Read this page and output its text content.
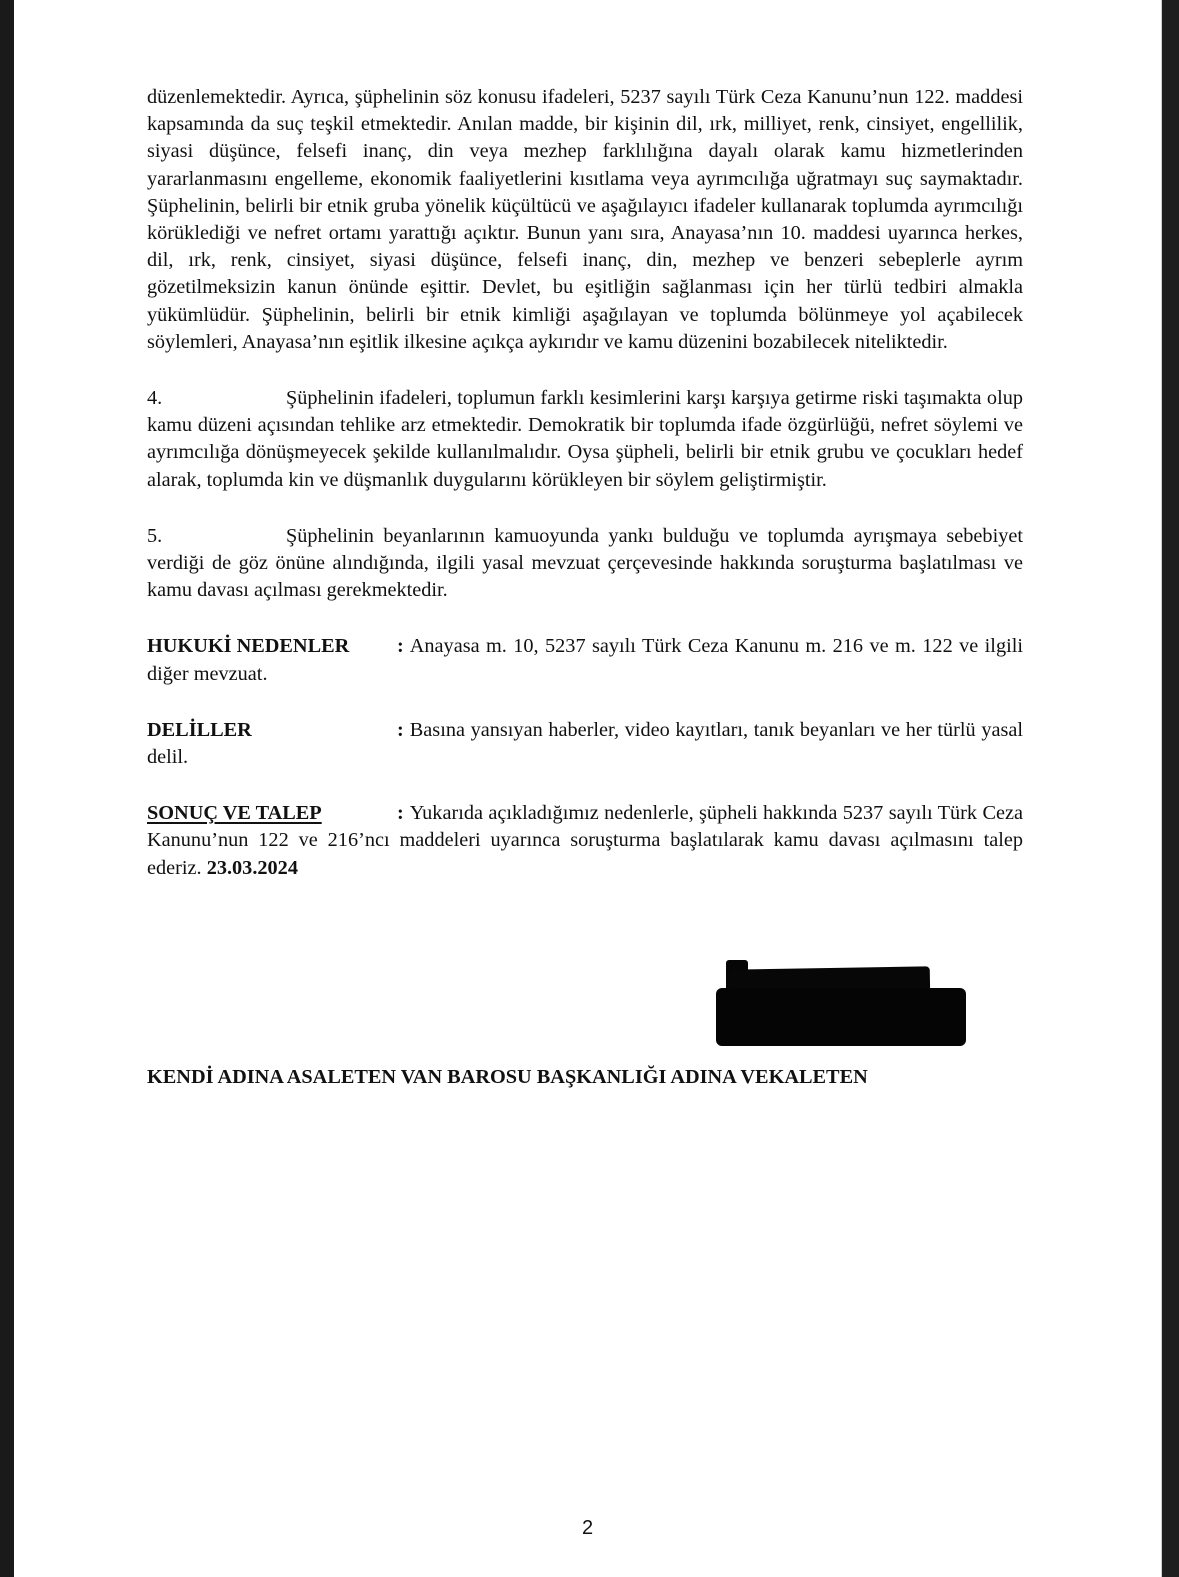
düzenlemektedir. Ayrıca, şüphelinin söz konusu ifadeleri, 5237 sayılı Türk Ceza Kanunu’nun 122. maddesi kapsamında da suç teşkil etmektedir. Anılan madde, bir kişinin dil, ırk, milliyet, renk, cinsiyet, engellilik, siyasi düşünce, felsefi inanç, din veya mezhep farklılığına dayalı olarak kamu hizmetlerinden yararlanmasını engelleme, ekonomik faaliyetlerini kısıtlama veya ayrımcılığa uğratmayı suç saymaktadır. Şüphelinin, belirli bir etnik gruba yönelik küçültücü ve aşağılayıcı ifadeler kullanarak toplumda ayrımcılığı körüklediği ve nefret ortamı yarattığı açıktır. Bunun yanı sıra, Anayasa’nın 10. maddesi uyarınca herkes, dil, ırk, renk, cinsiyet, siyasi düşünce, felsefi inanç, din, mezhep ve benzeri sebeplerle ayrım gözetilmeksizin kanun önünde eşittir. Devlet, bu eşitliğin sağlanması için her türlü tedbiri almakla yükümlüdür. Şüphelinin, belirli bir etnik kimliği aşağılayan ve toplumda bölünmeye yol açabilecek söylemleri, Anayasa’nın eşitlik ilkesine açıkça aykırıdır ve kamu düzenini bozabilecek niteliktedir.

4.	Şüphelinin ifadeleri, toplumun farklı kesimlerini karşı karşıya getirme riski taşımakta olup kamu düzeni açısından tehlike arz etmektedir. Demokratik bir toplumda ifade özgürlüğü, nefret söylemi ve ayrımcılığa dönüşmeyecek şekilde kullanılmalıdır. Oysa şüpheli, belirli bir etnik grubu ve çocukları hedef alarak, toplumda kin ve düşmanlık duygularını körükleyen bir söylem geliştirmiştir.

5.	Şüphelinin beyanlarının kamuoyunda yankı bulduğu ve toplumda ayrışmaya sebebiyet verdiği de göz önüne alındığında, ilgili yasal mevzuat çerçevesinde hakkında soruşturma başlatılması ve kamu davası açılması gerekmektedir.

HUKUKİ NEDENLER : Anayasa m. 10, 5237 sayılı Türk Ceza Kanunu m. 216 ve m. 122 ve ilgili diğer mevzuat.

DELİLLER	: Basına yansıyan haberler, video kayıtları, tanık beyanları ve her türlü yasal delil.

SONUÇ VE TALEP	: Yukarıda açıkladığımız nedenlerle, şüpheli hakkında 5237 sayılı Türk Ceza Kanunu’nun 122 ve 216’ncı maddeleri uyarınca soruşturma başlatılarak kamu davası açılmasını talep ederiz. 23.03.2024

KENDİ ADINA ASALETEN VAN BAROSU BAŞKANLIĞI ADINA VEKALETEN
2
